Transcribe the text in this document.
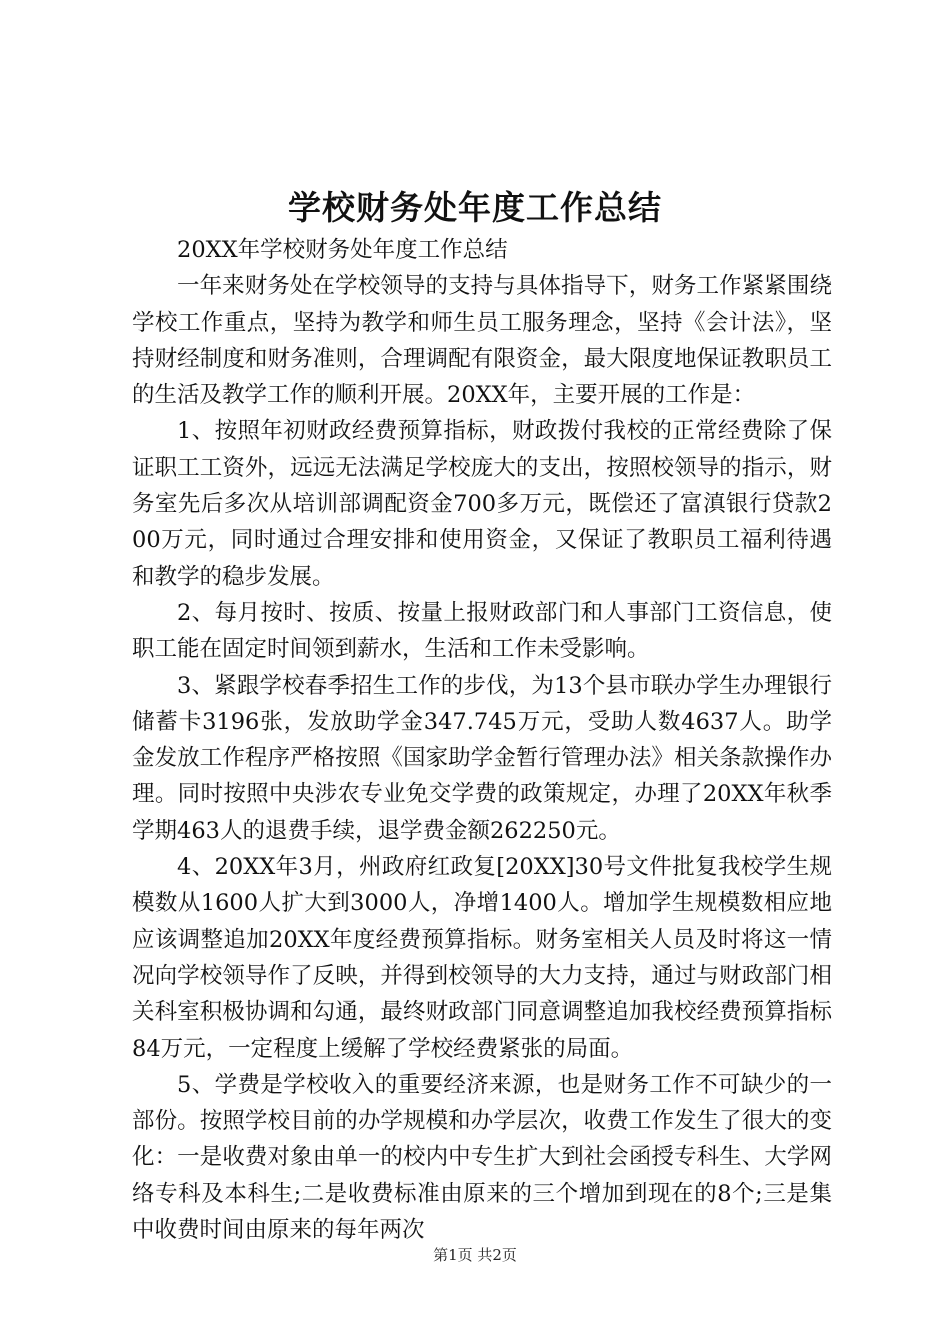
学校财务处年度工作总结

20XX年学校财务处年度工作总结

一年来财务处在学校领导的支持与具体指导下，财务工作紧紧围绕学校工作重点，坚持为教学和师生员工服务理念，坚持《会计法》，坚持财经制度和财务准则，合理调配有限资金，最大限度地保证教职员工的生活及教学工作的顺利开展。20XX年，主要开展的工作是：

1、按照年初财政经费预算指标，财政拨付我校的正常经费除了保证职工工资外，远远无法满足学校庞大的支出，按照校领导的指示，财务室先后多次从培训部调配资金700多万元，既偿还了富滇银行贷款200万元，同时通过合理安排和使用资金，又保证了教职员工福利待遇和教学的稳步发展。

2、每月按时、按质、按量上报财政部门和人事部门工资信息，使职工能在固定时间领到薪水，生活和工作未受影响。

3、紧跟学校春季招生工作的步伐，为13个县市联办学生办理银行储蓄卡3196张，发放助学金347.745万元，受助人数4637人。助学金发放工作程序严格按照《国家助学金暂行管理办法》相关条款操作办理。同时按照中央涉农专业免交学费的政策规定，办理了20XX年秋季学期463人的退费手续，退学费金额262250元。

4、20XX年3月，州政府红政复[20XX]30号文件批复我校学生规模数从1600人扩大到3000人，净增1400人。增加学生规模数相应地应该调整追加20XX年度经费预算指标。财务室相关人员及时将这一情况向学校领导作了反映，并得到校领导的大力支持，通过与财政部门相关科室积极协调和勾通，最终财政部门同意调整追加我校经费预算指标84万元，一定程度上缓解了学校经费紧张的局面。

5、学费是学校收入的重要经济来源，也是财务工作不可缺少的一部份。按照学校目前的办学规模和办学层次，收费工作发生了很大的变化：一是收费对象由单一的校内中专生扩大到社会函授专科生、大学网络专科及本科生;二是收费标准由原来的三个增加到现在的8个;三是集中收费时间由原来的每年两次

第1页 共2页
